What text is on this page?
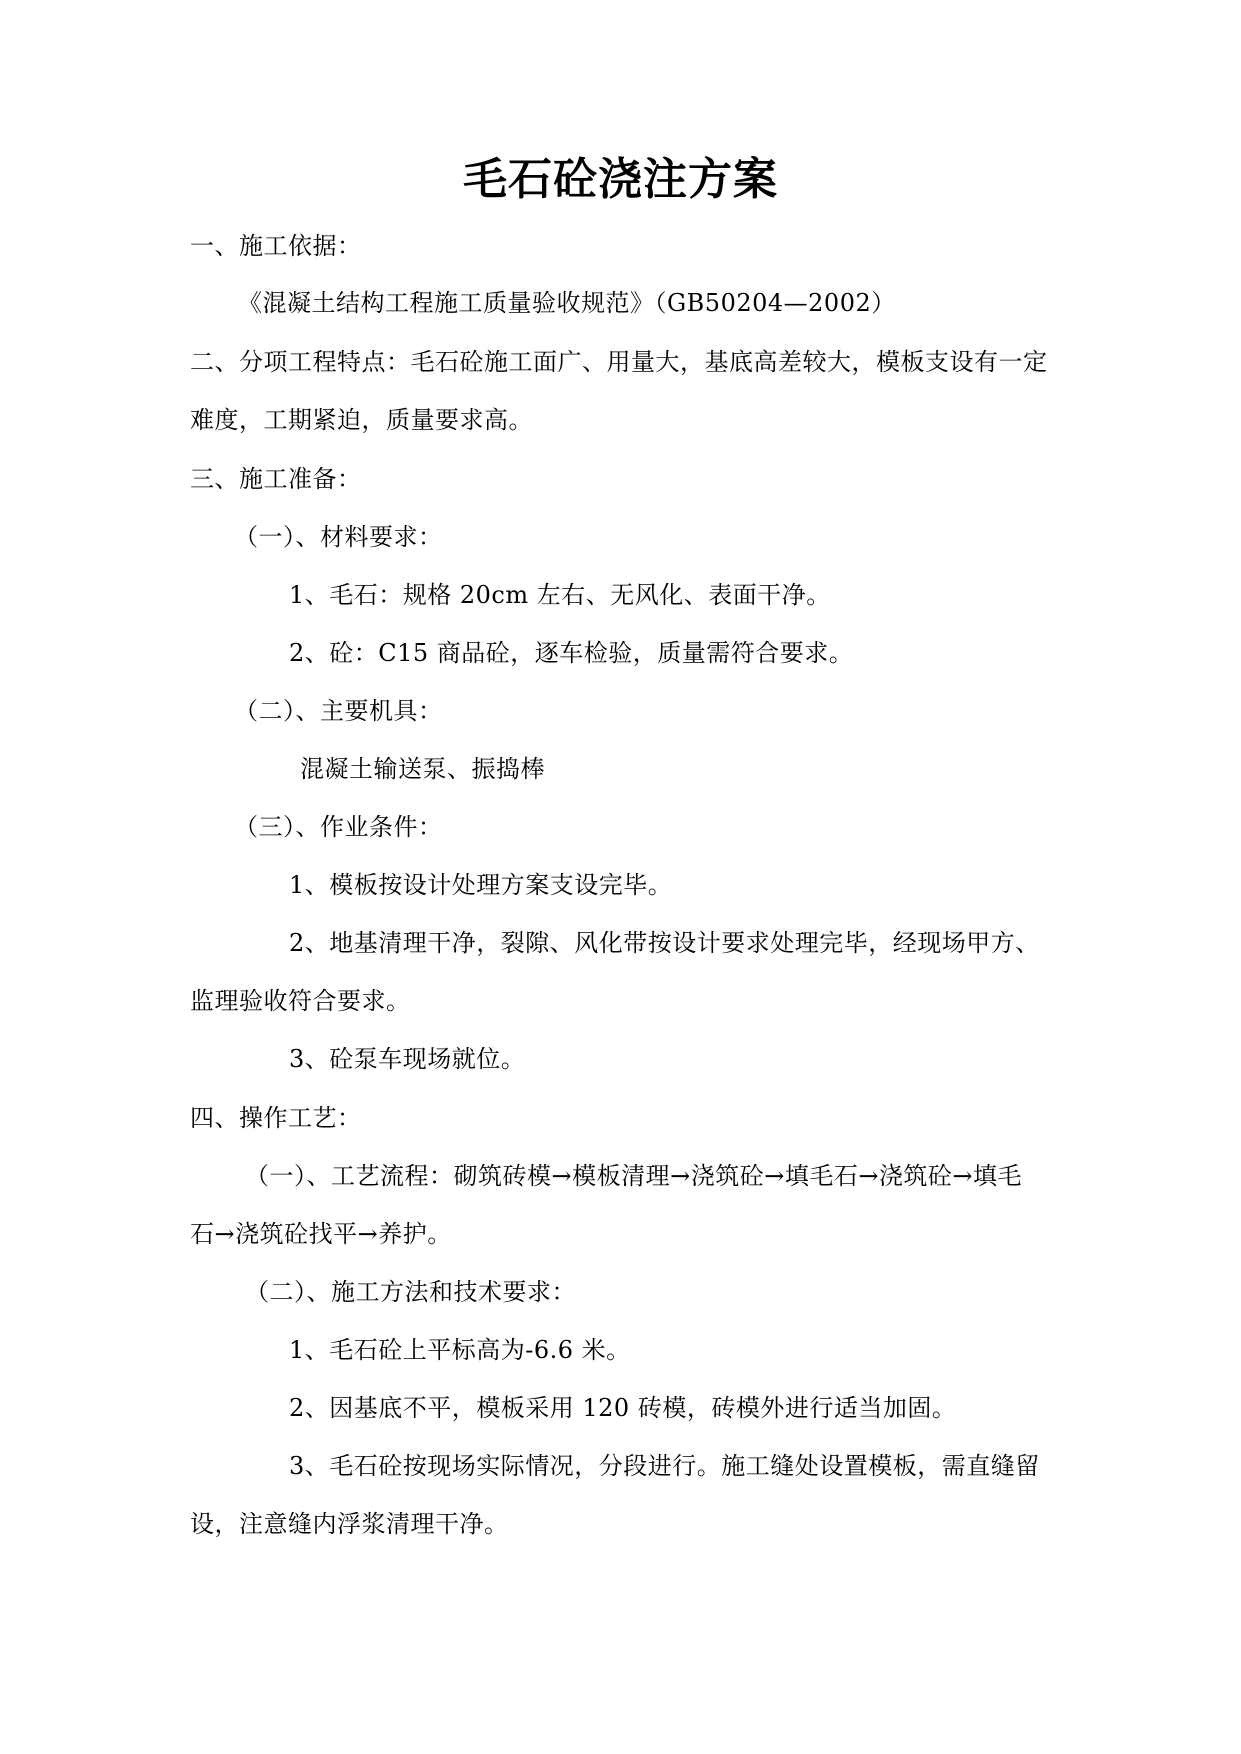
毛石砼浇注方案
一、施工依据：
《混凝土结构工程施工质量验收规范》（GB50204—2002）
二、分项工程特点：毛石砼施工面广、用量大，基底高差较大，模板支设有一定
难度，工期紧迫，质量要求高。
三、施工准备：
（一）、材料要求：
1、毛石：规格 20cm 左右、无风化、表面干净。
2、砼：C15 商品砼，逐车检验，质量需符合要求。
（二）、主要机具：
混凝土输送泵、振捣棒
（三）、作业条件：
1、模板按设计处理方案支设完毕。
2、地基清理干净，裂隙、风化带按设计要求处理完毕，经现场甲方、
监理验收符合要求。
3、砼泵车现场就位。
四、操作工艺：
（一）、工艺流程：砌筑砖模→模板清理→浇筑砼→填毛石→浇筑砼→填毛
石→浇筑砼找平→养护。
（二）、施工方法和技术要求：
1、毛石砼上平标高为-6.6 米。
2、因基底不平，模板采用 120 砖模，砖模外进行适当加固。
3、毛石砼按现场实际情况，分段进行。施工缝处设置模板，需直缝留
设，注意缝内浮浆清理干净。
